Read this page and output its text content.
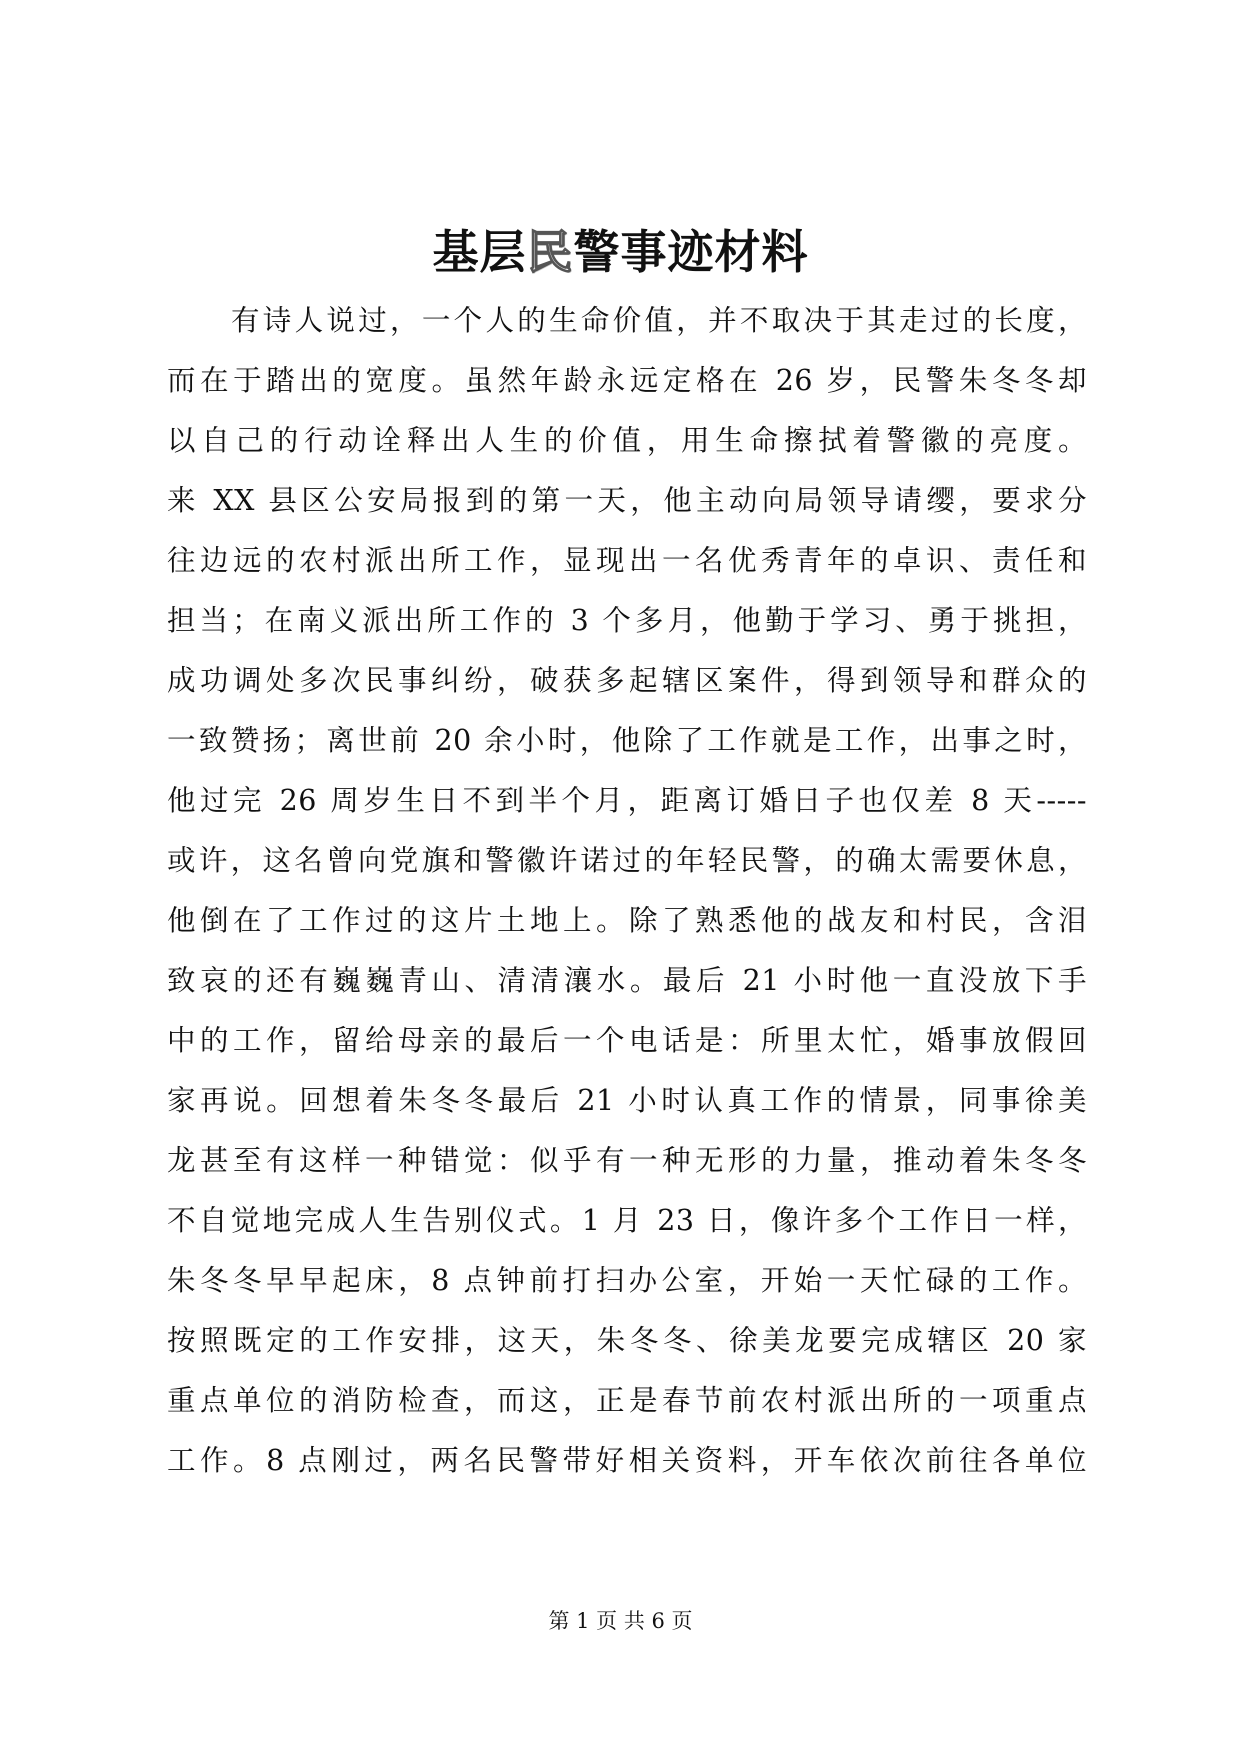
基层民警事迹材料
有诗人说过，一个人的生命价值，并不取决于其走过的长度，
而在于踏出的宽度。虽然年龄永远定格在 26 岁，民警朱冬冬却
以自己的行动诠释出人生的价值，用生命擦拭着警徽的亮度。
来 XX 县区公安局报到的第一天，他主动向局领导请缨，要求分
往边远的农村派出所工作，显现出一名优秀青年的卓识、责任和
担当；在南义派出所工作的 3 个多月，他勤于学习、勇于挑担，
成功调处多次民事纠纷，破获多起辖区案件，得到领导和群众的
一致赞扬；离世前 20 余小时，他除了工作就是工作，出事之时，
他过完 26 周岁生日不到半个月，距离订婚日子也仅差 8 天-----
或许，这名曾向党旗和警徽许诺过的年轻民警，的确太需要休息，
他倒在了工作过的这片土地上。除了熟悉他的战友和村民，含泪
致哀的还有巍巍青山、清清瀼水。最后 21 小时他一直没放下手
中的工作，留给母亲的最后一个电话是：所里太忙，婚事放假回
家再说。回想着朱冬冬最后 21 小时认真工作的情景，同事徐美
龙甚至有这样一种错觉：似乎有一种无形的力量，推动着朱冬冬
不自觉地完成人生告别仪式。1 月 23 日，像许多个工作日一样，
朱冬冬早早起床，8 点钟前打扫办公室，开始一天忙碌的工作。
按照既定的工作安排，这天，朱冬冬、徐美龙要完成辖区 20 家
重点单位的消防检查，而这，正是春节前农村派出所的一项重点
工作。8 点刚过，两名民警带好相关资料，开车依次前往各单位
第 1 页 共 6 页
